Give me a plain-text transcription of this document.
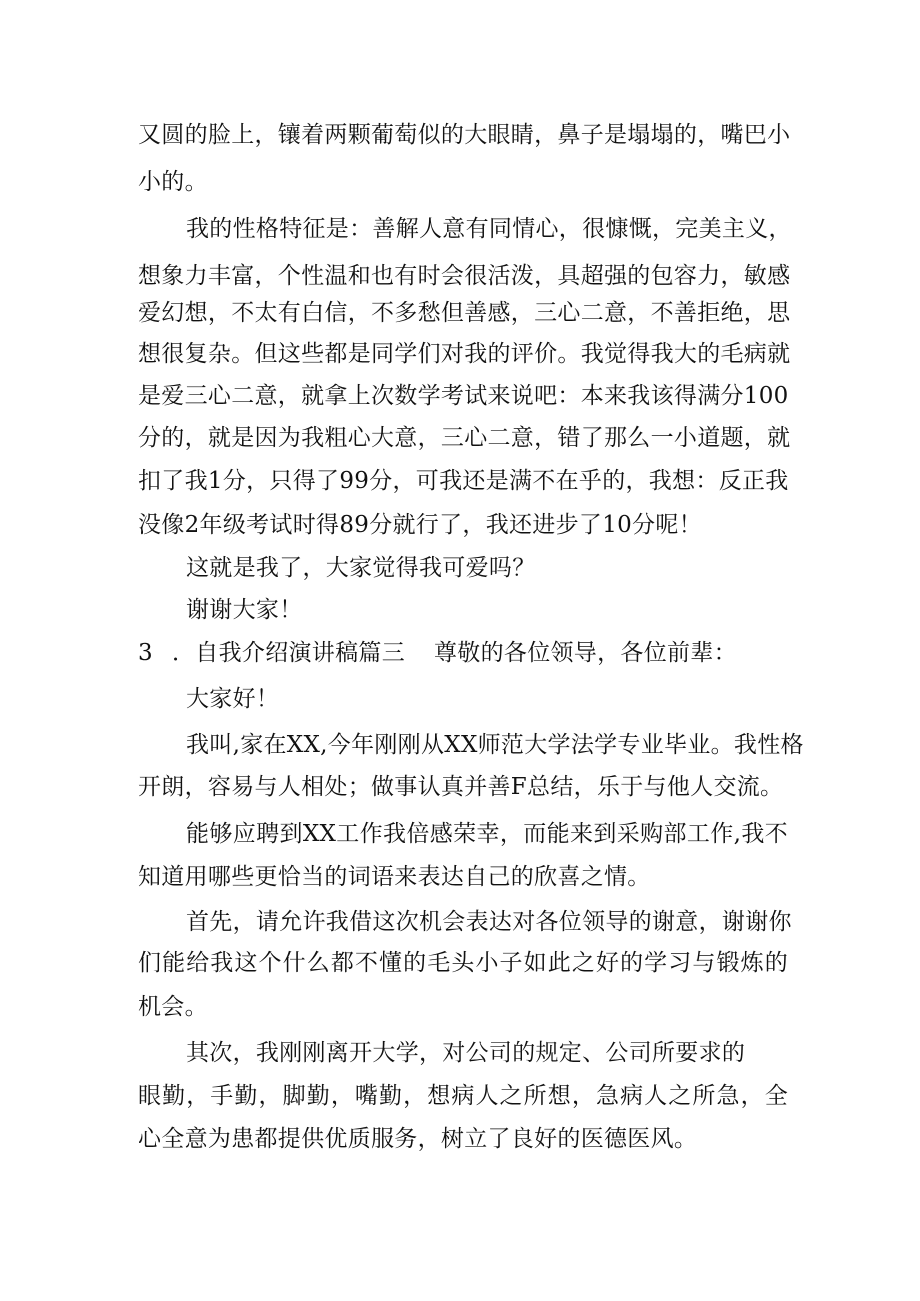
又圆的脸上，镶着两颗葡萄似的大眼睛，鼻子是塌塌的，嘴巴小
小的。
我的性格特征是：善解人意有同情心，很慷慨，完美主义，
想象力丰富，个性温和也有时会很活泼，具超强的包容力，敏感
爱幻想，不太有白信，不多愁但善感，三心二意，不善拒绝，思
想很复杂。但这些都是同学们对我的评价。我觉得我大的毛病就
是爱三心二意，就拿上次数学考试来说吧：本来我该得满分100
分的，就是因为我粗心大意，三心二意，错了那么一小道题，就
扣了我1分，只得了99分，可我还是满不在乎的，我想：反正我
没像2年级考试时得89分就行了，我还进步了10分呢！
这就是我了，大家觉得我可爱吗？
谢谢大家！
3 ．自我介绍演讲稿篇三 尊敬的各位领导，各位前辈：
大家好！
我叫,家在XX,今年刚刚从XX师范大学法学专业毕业。我性格
开朗，容易与人相处；做事认真并善F总结，乐于与他人交流。
能够应聘到XX工作我倍感荣幸，而能来到采购部工作,我不
知道用哪些更恰当的词语来表达自己的欣喜之情。
首先，请允许我借这次机会表达对各位领导的谢意，谢谢你
们能给我这个什么都不懂的毛头小子如此之好的学习与锻炼的
机会。
其次，我刚刚离开大学，对公司的规定、公司所要求的
眼勤，手勤，脚勤，嘴勤，想病人之所想，急病人之所急，全
心全意为患都提供优质服务，树立了良好的医德医风。
